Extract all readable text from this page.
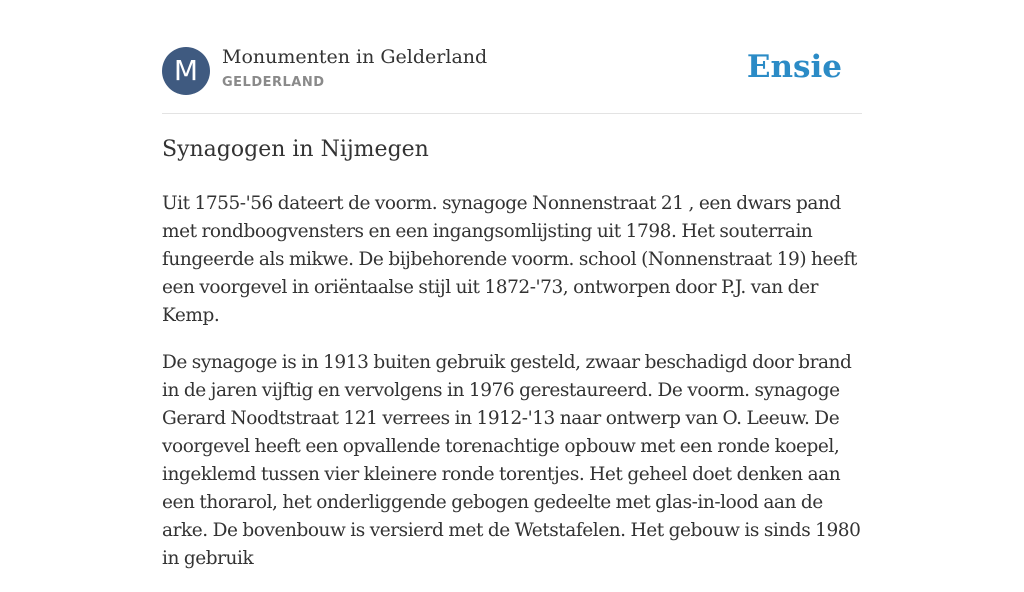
M	Monumenten in Gelderland
GELDERLAND	Ensie
Synagogen in Nijmegen

Uit 1755-'56 dateert de voorm. synagoge Nonnenstraat 21 , een dwars pand met rondboogvensters en een ingangsomlijsting uit 1798. Het souterrain fungeerde als mikwe. De bijbehorende voorm. school (Nonnenstraat 19) heeft een voorgevel in oriëntaalse stijl uit 1872-'73, ontworpen door P.J. van der Kemp.

De synagoge is in 1913 buiten gebruik gesteld, zwaar beschadigd door brand in de jaren vijftig en vervolgens in 1976 gerestaureerd. De voorm. synagoge Gerard Noodtstraat 121 verrees in 1912-'13 naar ontwerp van O. Leeuw. De voorgevel heeft een opvallende torenachtige opbouw met een ronde koepel, ingeklemd tussen vier kleinere ronde torentjes. Het geheel doet denken aan een thorarol, het onderliggende gebogen gedeelte met glas-in-lood aan de arke. De bovenbouw is versierd met de Wetstafelen. Het gebouw is sinds 1980 in gebruik
